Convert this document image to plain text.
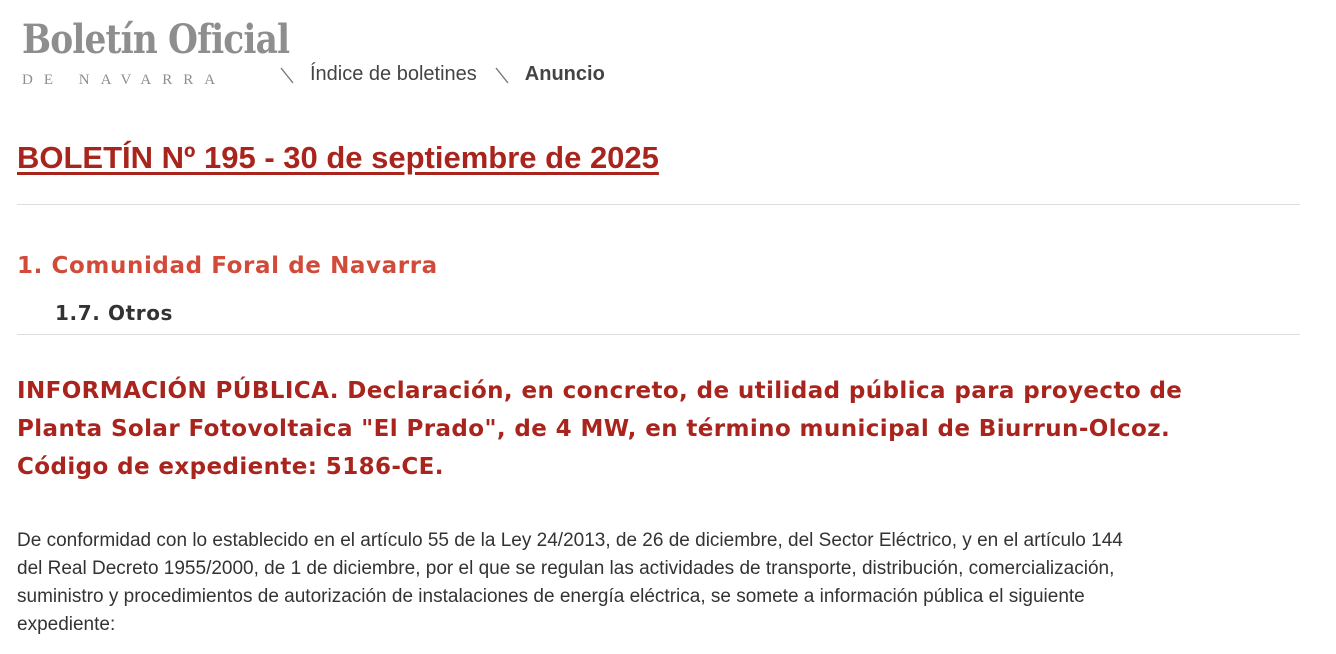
Boletín Oficial
DE NAVARRA	Índice de boletines Anuncio
BOLETÍN Nº 195 - 30 de septiembre de 2025
1. Comunidad Foral de Navarra
1.7. Otros
INFORMACIÓN PÚBLICA. Declaración, en concreto, de utilidad pública para proyecto de
Planta Solar Fotovoltaica "El Prado", de 4 MW, en término municipal de Biurrun-Olcoz.
Código de expediente: 5186-CE.

De conformidad con lo establecido en el artículo 55 de la Ley 24/2013, de 26 de diciembre, del Sector Eléctrico, y en el artículo 144
del Real Decreto 1955/2000, de 1 de diciembre, por el que se regulan las actividades de transporte, distribución, comercialización,
suministro y procedimientos de autorización de instalaciones de energía eléctrica, se somete a información pública el siguiente
expediente:
